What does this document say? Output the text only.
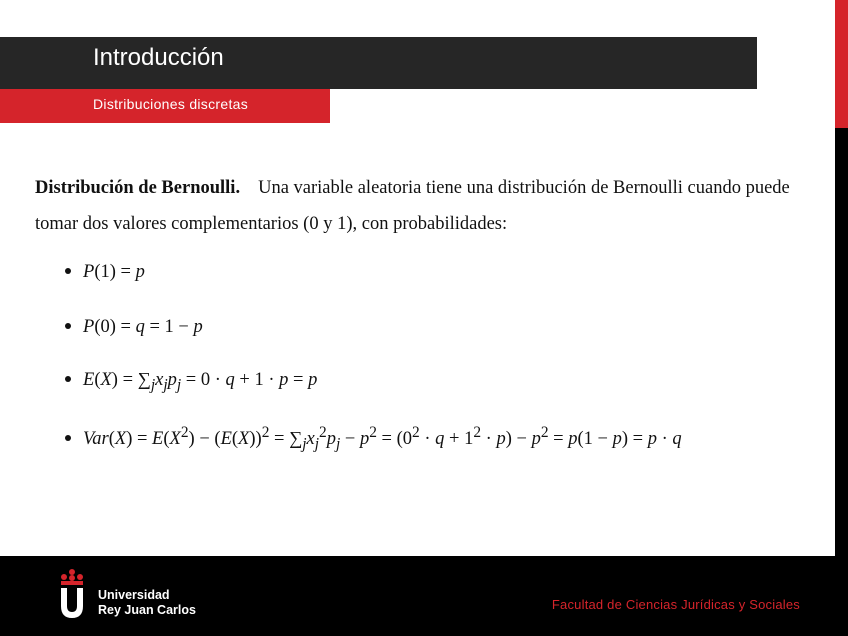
Introducción
Distribuciones discretas
Distribución de Bernoulli. Una variable aleatoria tiene una distribución de Bernoulli cuando puede tomar dos valores complementarios (0 y 1), con probabilidades:
P(1) = p
P(0) = q = 1 − p
$E(X) = \sum_jx_jp_j = 0 \cdot q + 1 \cdot p = p$
$Var(X) = E(X^2) - (E(X))^2 = \sum_jx_j^2p_j - p^2 = (0^2 \cdot q + 1^2 \cdot p) - p^2 = p(1 - p) = p \cdot q$
Universidad
Rey Juan Carlos	Facultad de Ciencias Jurídicas y Sociales
